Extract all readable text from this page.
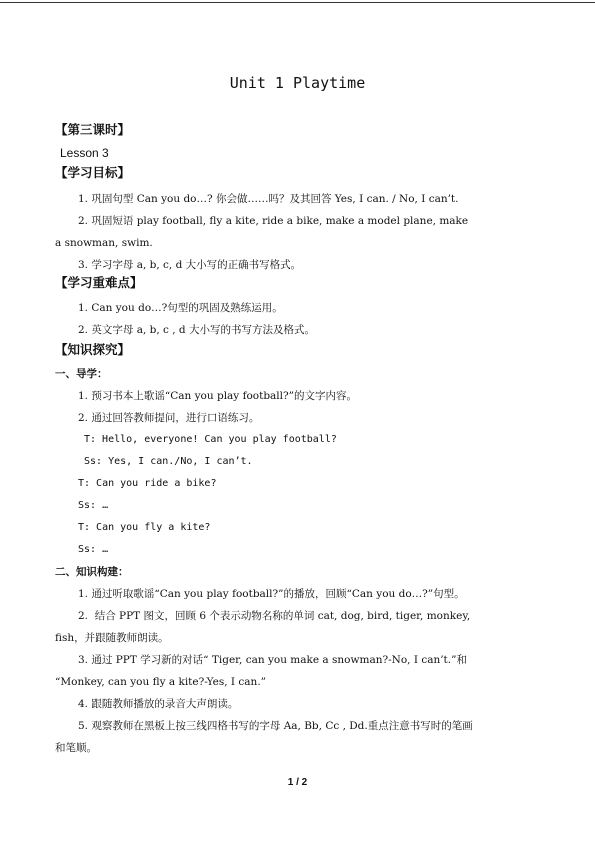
Unit 1 Playtime
【第三课时】
Lesson 3
【学习目标】
1. 巩固句型 Can you do…? 你会做……吗？及其回答 Yes, I can. / No, I can’t.
2. 巩固短语 play football, fly a kite, ride a bike, make a model plane, make
a snowman, swim.
3. 学习字母 a, b, c, d 大小写的正确书写格式。
【学习重难点】
1. Can you do…?句型的巩固及熟练运用。
2. 英文字母 a, b, c , d 大小写的书写方法及格式。
【知识探究】
一、导学：
1. 预习书本上歌谣“Can you play football?”的文字内容。
2. 通过回答教师提问，进行口语练习。
T: Hello, everyone! Can you play football?
Ss: Yes, I can./No, I can’t.
T: Can you ride a bike?
Ss: …
T: Can you fly a kite?
Ss: …
二、知识构建：
1. 通过听取歌谣“Can you play football?”的播放，回顾“Can you do…?”句型。
2.  结合 PPT 图文，回顾 6 个表示动物名称的单词 cat, dog, bird, tiger, monkey,
fish，并跟随教师朗读。
3. 通过 PPT 学习新的对话“ Tiger, can you make a snowman?-No, I can’t.”和
“Monkey, can you fly a kite?-Yes, I can.”
4. 跟随教师播放的录音大声朗读。
5. 观察教师在黑板上按三线四格书写的字母 Aa, Bb, Cc , Dd.重点注意书写时的笔画
和笔顺。
1 / 2
